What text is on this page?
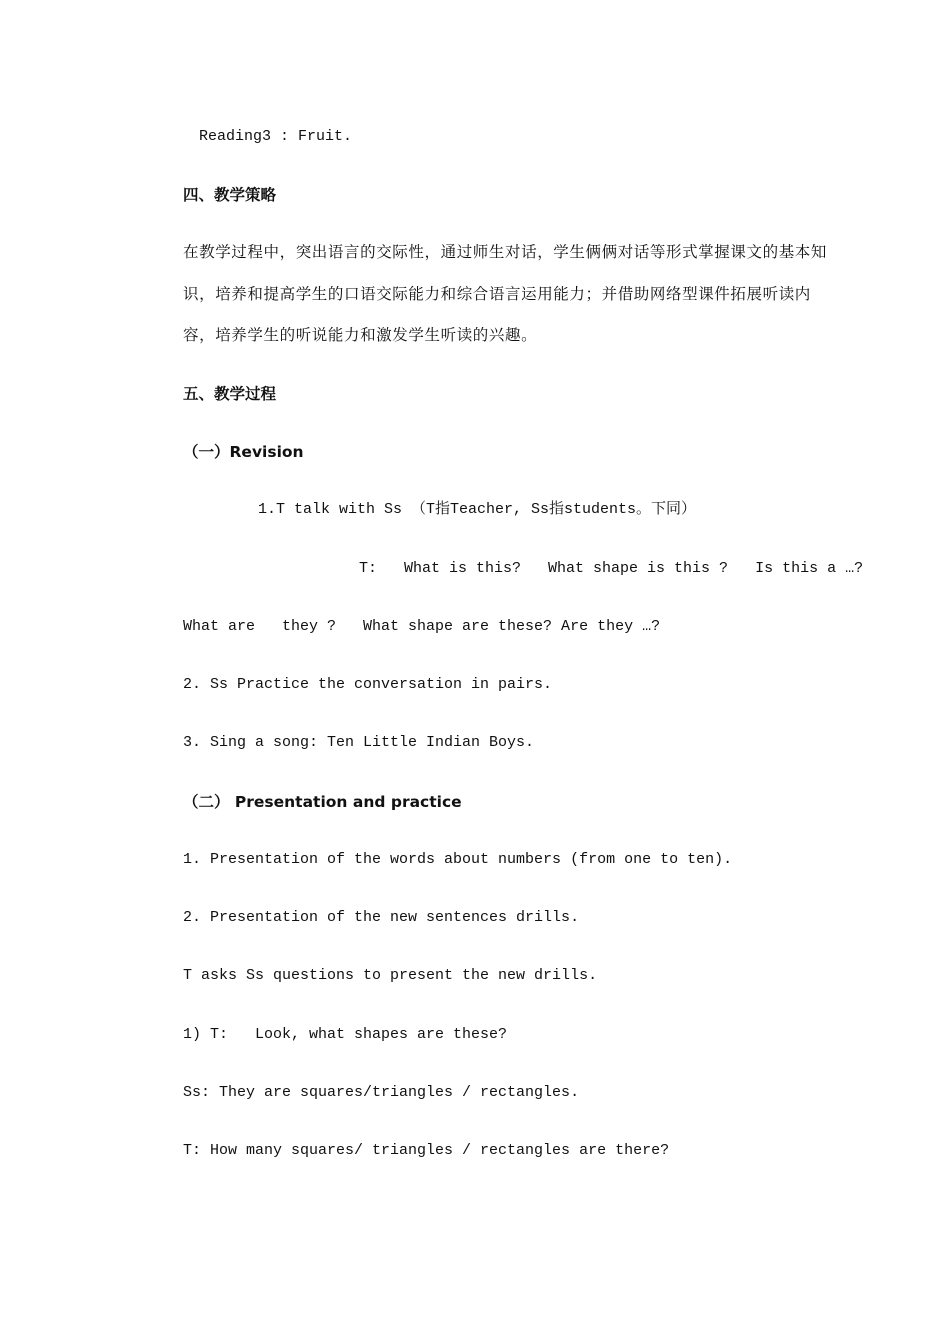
Reading3 : Fruit.
四、教学策略
在教学过程中，突出语言的交际性，通过师生对话，学生俩俩对话等形式掌握课文的基本知识，培养和提高学生的口语交际能力和综合语言运用能力；并借助网络型课件拓展听读内容，培养学生的听说能力和激发学生听读的兴趣。
五、教学过程
（一）Revision
1.T talk with Ss （T指Teacher, Ss指students。下同）
T:   What is this?   What shape is this ?   Is this a …?
What are   they ?   What shape are these? Are they …?
2. Ss Practice the conversation in pairs.
3. Sing a song: Ten Little Indian Boys.
（二） Presentation and practice
1. Presentation of the words about numbers (from one to ten).
2. Presentation of the new sentences drills.
T asks Ss questions to present the new drills.
1) T:   Look, what shapes are these?
Ss: They are squares/triangles / rectangles.
T: How many squares/ triangles / rectangles are there?
